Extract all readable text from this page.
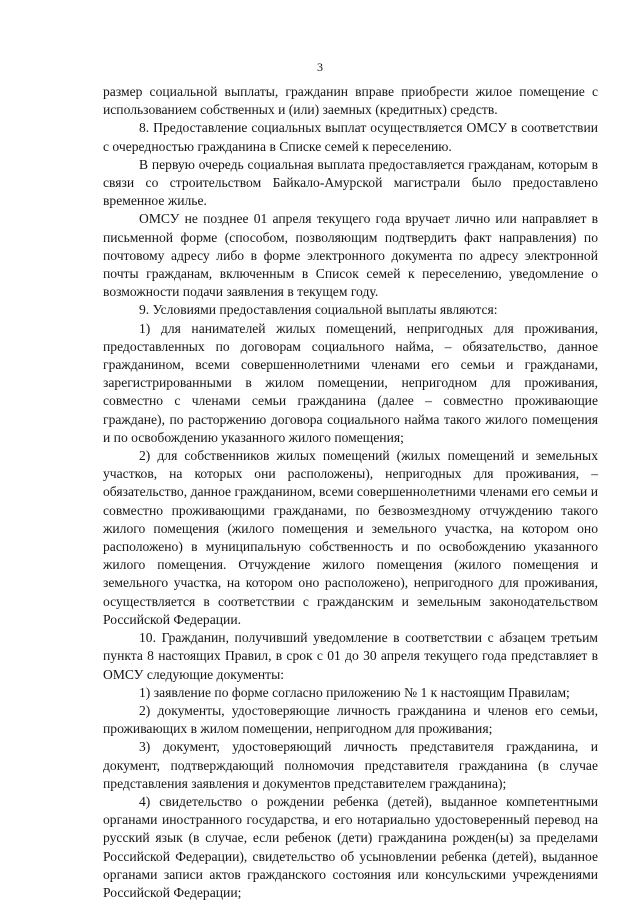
3

размер социальной выплаты, гражданин вправе приобрести жилое помещение с использованием собственных и (или) заемных (кредитных) средств.

8. Предоставление социальных выплат осуществляется ОМСУ в соответствии с очередностью гражданина в Списке семей к переселению.

В первую очередь социальная выплата предоставляется гражданам, которым в связи со строительством Байкало-Амурской магистрали было предоставлено временное жилье.

ОМСУ не позднее 01 апреля текущего года вручает лично или направляет в письменной форме (способом, позволяющим подтвердить факт направления) по почтовому адресу либо в форме электронного документа по адресу электронной почты гражданам, включенным в Список семей к переселению, уведомление о возможности подачи заявления в текущем году.

9. Условиями предоставления социальной выплаты являются:

1) для нанимателей жилых помещений, непригодных для проживания, предоставленных по договорам социального найма, – обязательство, данное гражданином, всеми совершеннолетними членами его семьи и гражданами, зарегистрированными в жилом помещении, непригодном для проживания, совместно с членами семьи гражданина (далее – совместно проживающие граждане), по расторжению договора социального найма такого жилого помещения и по освобождению указанного жилого помещения;

2) для собственников жилых помещений (жилых помещений и земельных участков, на которых они расположены), непригодных для проживания, – обязательство, данное гражданином, всеми совершеннолетними членами его семьи и совместно проживающими гражданами, по безвозмездному отчуждению такого жилого помещения (жилого помещения и земельного участка, на котором оно расположено) в муниципальную собственность и по освобождению указанного жилого помещения. Отчуждение жилого помещения (жилого помещения и земельного участка, на котором оно расположено), непригодного для проживания, осуществляется в соответствии с гражданским и земельным законодательством Российской Федерации.

10. Гражданин, получивший уведомление в соответствии с абзацем третьим пункта 8 настоящих Правил, в срок с 01 до 30 апреля текущего года представляет в ОМСУ следующие документы:

1) заявление по форме согласно приложению № 1 к настоящим Правилам;

2) документы, удостоверяющие личность гражданина и членов его семьи, проживающих в жилом помещении, непригодном для проживания;

3) документ, удостоверяющий личность представителя гражданина, и документ, подтверждающий полномочия представителя гражданина (в случае представления заявления и документов представителем гражданина);

4) свидетельство о рождении ребенка (детей), выданное компетентными органами иностранного государства, и его нотариально удостоверенный перевод на русский язык (в случае, если ребенок (дети) гражданина рожден(ы) за пределами Российской Федерации), свидетельство об усыновлении ребенка (детей), выданное органами записи актов гражданского состояния или консульскими учреждениями Российской Федерации;
